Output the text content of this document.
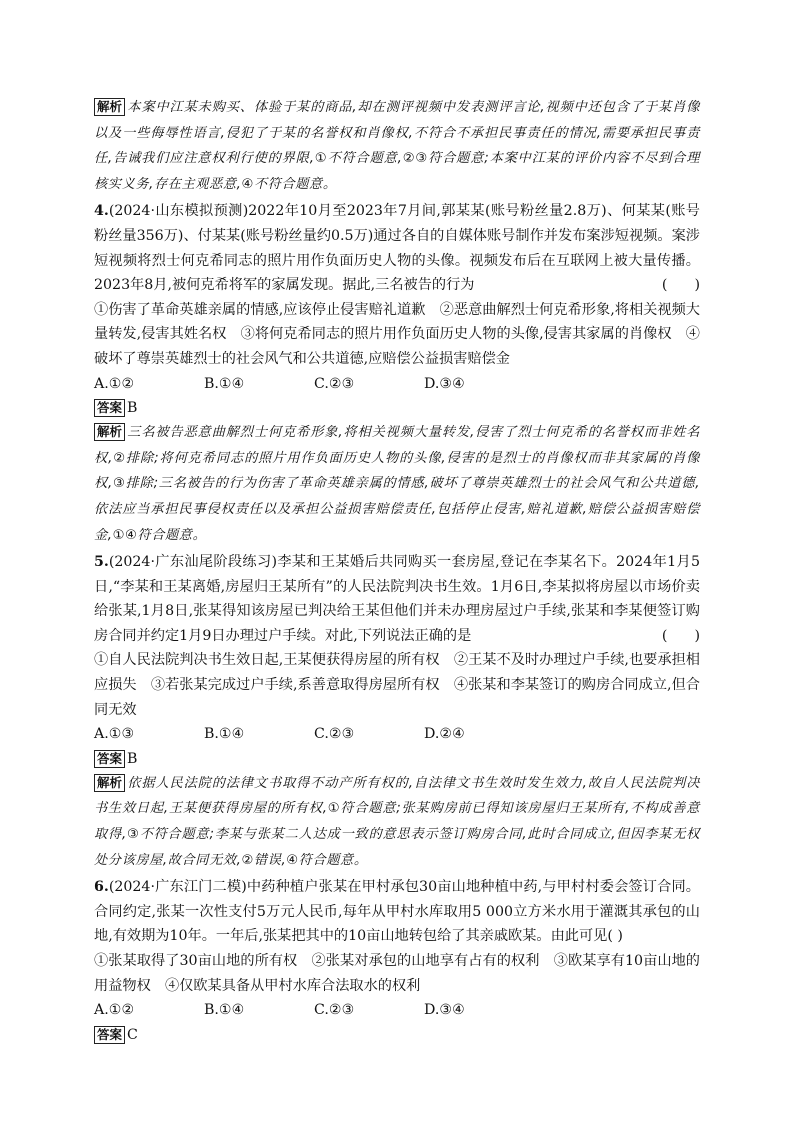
解析 本案中江某未购买、体验于某的商品,却在测评视频中发表测评言论,视频中还包含了于某肖像以及一些侮辱性语言,侵犯了于某的名誉权和肖像权,不符合不承担民事责任的情况,需要承担民事责任,告诫我们应注意权利行使的界限,①不符合题意,②③符合题意;本案中江某的评价内容不尽到合理核实义务,存在主观恶意,④不符合题意。

4.(2024·山东模拟预测)2022年10月至2023年7月间,郭某某(账号粉丝量2.8万)、何某某(账号粉丝量356万)、付某某(账号粉丝量约0.5万)通过各自的自媒体账号制作并发布案涉短视频。案涉短视频将烈士何克希同志的照片用作负面历史人物的头像。视频发布后在互联网上被大量传播。2023年8月,被何克希将军的家属发现。据此,三名被告的行为	(      )

①伤害了革命英雄亲属的情感,应该停止侵害赔礼道歉　②恶意曲解烈士何克希形象,将相关视频大量转发,侵害其姓名权　③将何克希同志的照片用作负面历史人物的头像,侵害其家属的肖像权　④破坏了尊崇英雄烈士的社会风气和公共道德,应赔偿公益损害赔偿金

A.①②	B.①④	C.②③	D.③④
答案 B

解析 三名被告恶意曲解烈士何克希形象,将相关视频大量转发,侵害了烈士何克希的名誉权而非姓名权,②排除;将何克希同志的照片用作负面历史人物的头像,侵害的是烈士的肖像权而非其家属的肖像权,③排除;三名被告的行为伤害了革命英雄亲属的情感,破坏了尊崇英雄烈士的社会风气和公共道德,依法应当承担民事侵权责任以及承担公益损害赔偿责任,包括停止侵害,赔礼道歉,赔偿公益损害赔偿金,①④符合题意。

5.(2024·广东汕尾阶段练习)李某和王某婚后共同购买一套房屋,登记在李某名下。2024年1月5日,“李某和王某离婚,房屋归王某所有”的人民法院判决书生效。1月6日,李某拟将房屋以市场价卖给张某,1月8日,张某得知该房屋已判决给王某但他们并未办理房屋过户手续,张某和李某便签订购房合同并约定1月9日办理过户手续。对此,下列说法正确的是	(      )

①自人民法院判决书生效日起,王某便获得房屋的所有权　②王某不及时办理过户手续,也要承担相应损失　③若张某完成过户手续,系善意取得房屋所有权　④张某和李某签订的购房合同成立,但合同无效

A.①③	B.①④	C.②③	D.②④
答案 B

解析 依据人民法院的法律文书取得不动产所有权的,自法律文书生效时发生效力,故自人民法院判决书生效日起,王某便获得房屋的所有权,①符合题意;张某购房前已得知该房屋归王某所有,不构成善意取得,③不符合题意;李某与张某二人达成一致的意思表示签订购房合同,此时合同成立,但因李某无权处分该房屋,故合同无效,②错误,④符合题意。

6.(2024·广东江门二模)中药种植户张某在甲村承包30亩山地种植中药,与甲村村委会签订合同。合同约定,张某一次性支付5万元人民币,每年从甲村水库取用5 000立方米水用于灌溉其承包的山地,有效期为10年。一年后,张某把其中的10亩山地转包给了其亲戚欧某。由此可见( )

①张某取得了30亩山地的所有权　②张某对承包的山地享有占有的权利　③欧某享有10亩山地的用益物权　④仅欧某具备从甲村水库合法取水的权利

A.①②	B.①④	C.②③	D.③④
答案 C
